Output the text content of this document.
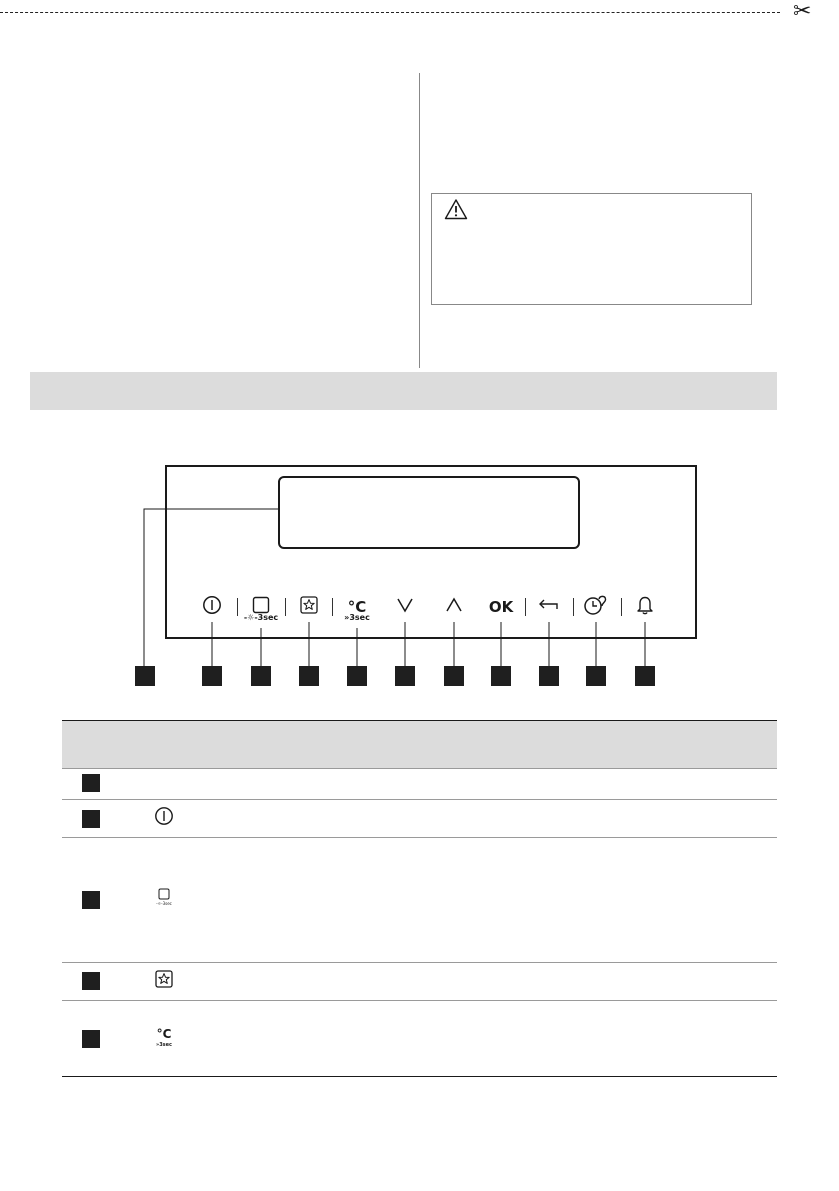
✂
-☼-3sec
°C
»3sec
OK
-☼-3sec
°C
»3sec
